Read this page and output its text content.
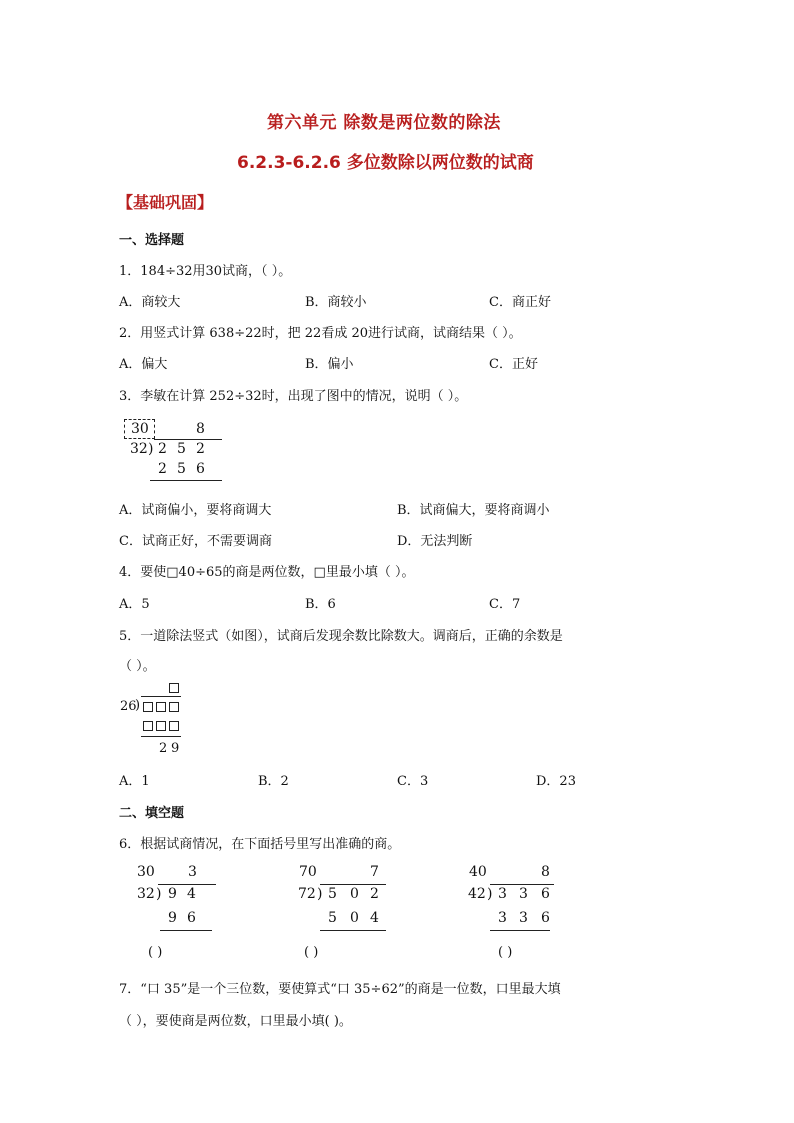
第六单元 除数是两位数的除法
6.2.3-6.2.6 多位数除以两位数的试商
【基础巩固】
一、选择题
1．184÷32用30试商，（ ）。
A．商较大	B．商较小	C．商正好
2．用竖式计算 638÷22时，把 22看成 20进行试商，试商结果（ ）。
A．偏大	B．偏小	C．正好
3．李敏在计算 252÷32时，出现了图中的情况，说明（ ）。
30	8
32 ) 2 5 2
2 5 6
A．试商偏小，要将商调大	B．试商偏大，要将商调小
C．试商正好，不需要调商	D．无法判断
4．要使□40÷65的商是两位数，□里最小填（ ）。
A．5	B．6	C．7
5．一道除法竖式（如图），试商后发现余数比除数大。调商后，正确的余数是
（ ）。
26
)
2 9
A．1	B．2	C．3	D．23
二、填空题
6．根据试商情况，在下面括号里写出准确的商。
30 3
32 ) 9 4
9 6
( )
70	7
72 ) 5 0 2
5 0 4
( )
40	8
42 ) 3 3 6
3 3 6
( )
7．“口 35”是一个三位数，要使算式“口 35÷62”的商是一位数，口里最大填
（ ），要使商是两位数，口里最小填( )。
